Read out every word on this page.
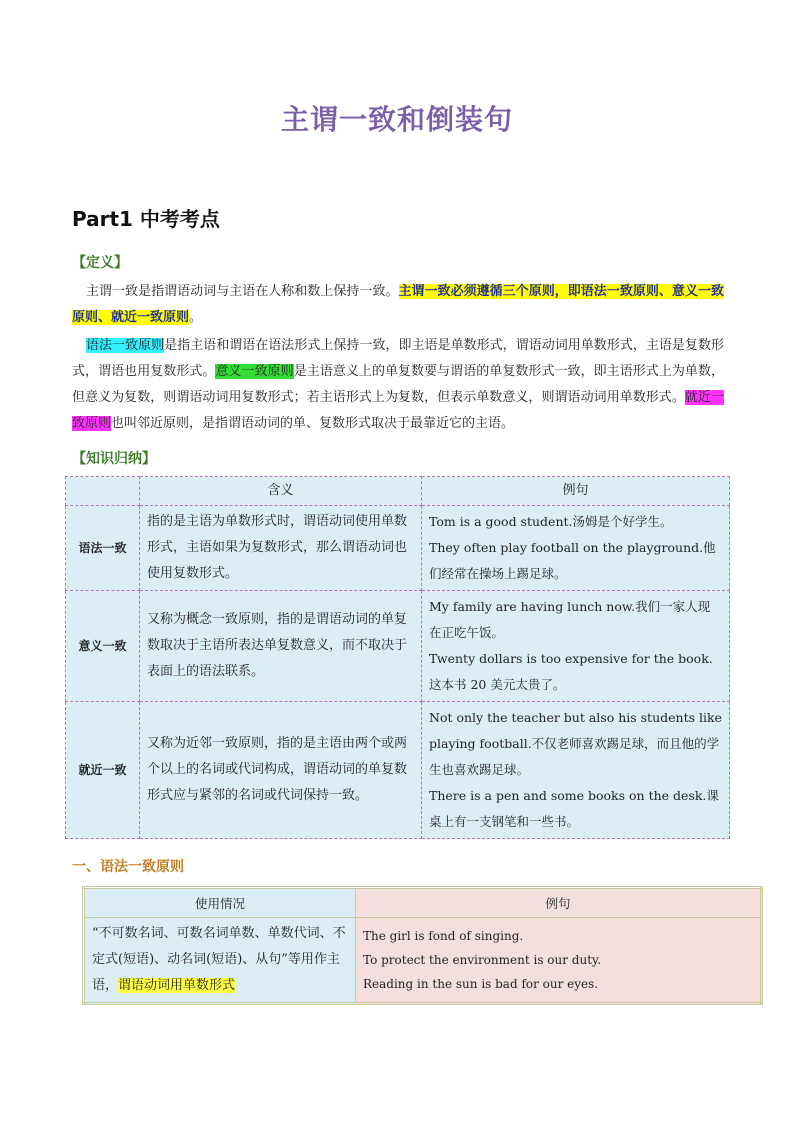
主谓一致和倒装句
Part1 中考考点
【定义】
主谓一致是指谓语动词与主语在人称和数上保持一致。主谓一致必须遵循三个原则，即语法一致原则、意义一致原则、就近一致原则。
语法一致原则是指主语和谓语在语法形式上保持一致，即主语是单数形式，谓语动词用单数形式，主语是复数形式，谓语也用复数形式。意义一致原则是主语意义上的单复数要与谓语的单复数形式一致，即主语形式上为单数，但意义为复数，则谓语动词用复数形式；若主语形式上为复数，但表示单数意义，则谓语动词用单数形式。就近一致原则也叫邻近原则，是指谓语动词的单、复数形式取决于最靠近它的主语。
【知识归纳】
	含义	例句
语法一致	指的是主语为单数形式时，谓语动词使用单数形式，主语如果为复数形式，那么谓语动词也使用复数形式。	Tom is a good student.汤姆是个好学生。

They often play football on the playground.他们经常在操场上踢足球。

意义一致	又称为概念一致原则，指的是谓语动词的单复数取决于主语所表达单复数意义，而不取决于表面上的语法联系。	My family are having lunch now.我们一家人现在正吃午饭。

Twenty dollars is too expensive for the book. 这本书 20 美元太贵了。

就近一致	又称为近邻一致原则，指的是主语由两个或两个以上的名词或代词构成，谓语动词的单复数形式应与紧邻的名词或代词保持一致。	Not only the teacher but also his students like playing football.不仅老师喜欢踢足球，而且他的学生也喜欢踢足球。

There is a pen and some books on the desk.课桌上有一支钢笔和一些书。

一、语法一致原则
使用情况	例句
“不可数名词、可数名词单数、单数代词、不定式(短语)、动名词(短语)、从句”等用作主语，谓语动词用单数形式	The girl is fond of singing.

To protect the environment is our duty.

Reading in the sun is bad for our eyes.
